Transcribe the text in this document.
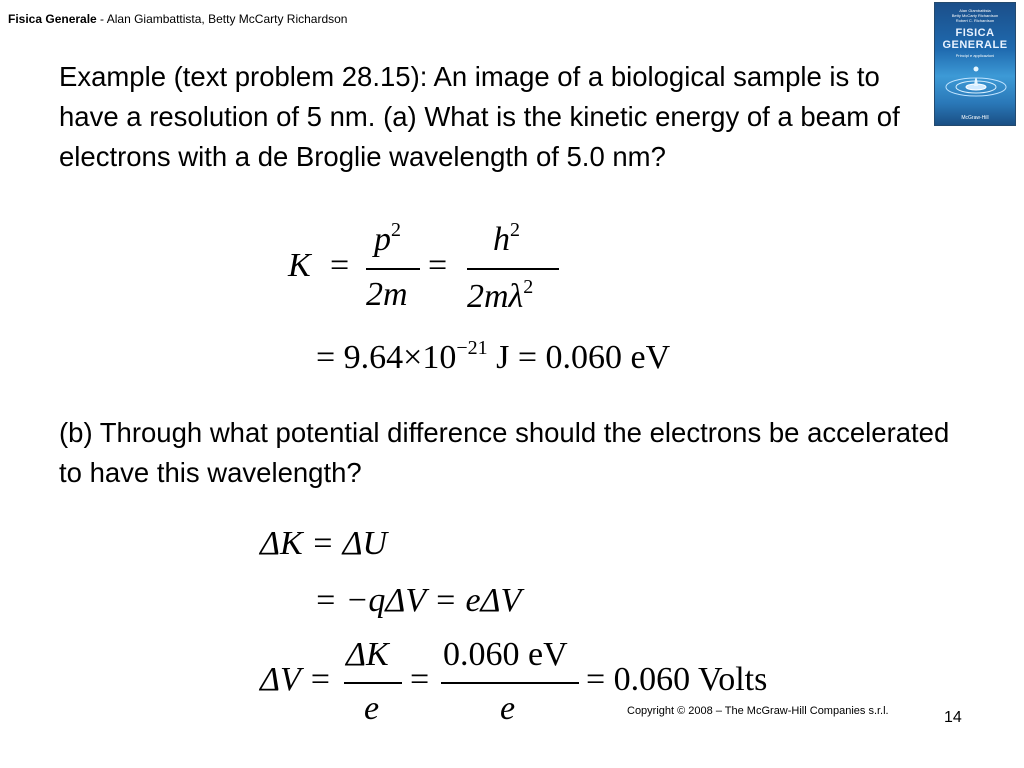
Fisica Generale - Alan Giambattista, Betty McCarty Richardson
Alan Giambattista
Betty McCarty Richardson
Robert C. Richardson
FISICA
GENERALE
Principi e applicazioni
McGraw-Hill

Example (text problem 28.15): An image of a biological sample is to have a resolution of 5 nm. (a) What is the kinetic energy of a beam of electrons with a de Broglie wavelength of 5.0 nm?

K =
$p^2$
2m
=
$h^2$
$2m\lambda^2$
= $9.64\times 10^{-21}$ J = 0.060 eV

(b) Through what potential difference should the electrons be accelerated to have this wavelength?

ΔK = ΔU
= −qΔV = eΔV
ΔV =
ΔK
e
=
0.060 eV
e
= 0.060 Volts
Copyright © 2008 – The McGraw-Hill Companies s.r.l.	14
